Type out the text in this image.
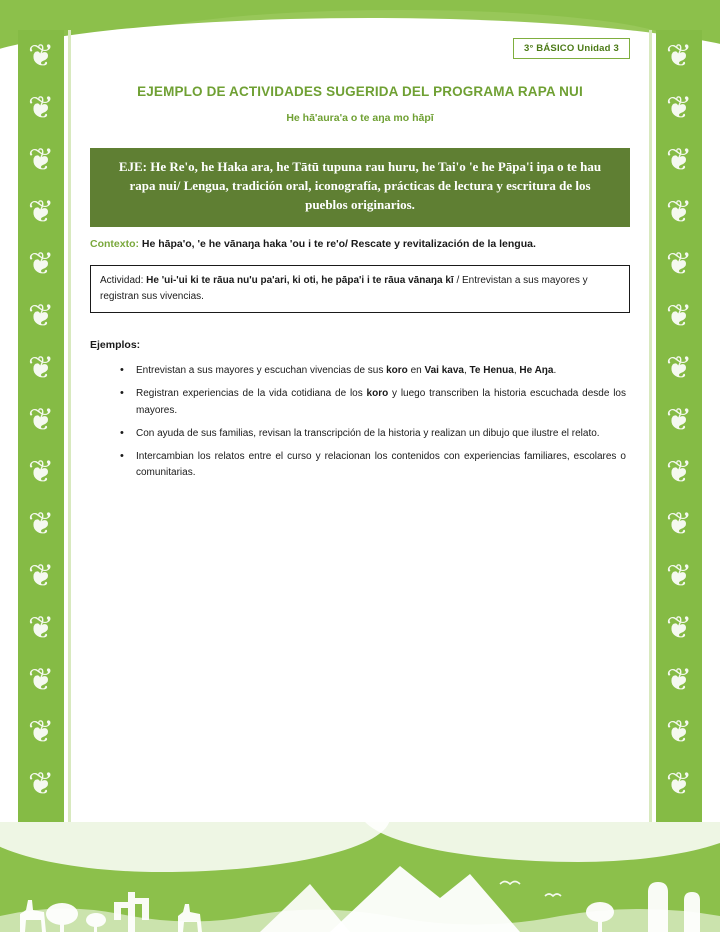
❦
❦
❦
❦
❦
❦
❦
❦
❦
❦
❦
❦
❦
❦
❦
❦
❦
❦
❦
❦
❦
❦
❦
❦
❦
❦
❦
❦
❦
❦
3° BÁSICO Unidad 3
EJEMPLO DE ACTIVIDADES SUGERIDA DEL PROGRAMA RAPA NUI
He hā'aura'a o te aŋa mo hāpī
EJE: He Re'o, he Haka ara, he Tātū tupuna rau huru, he Tai'o 'e he Pāpa'i iŋa o te hau rapa nui/ Lengua, tradición oral, iconografía, prácticas de lectura y escritura de los pueblos originarios.
Contexto: He hāpa'o, 'e he vānaŋa haka 'ou i te re'o/ Rescate y revitalización de la lengua.
Actividad: He 'ui-'ui ki te rāua nu'u pa'ari, ki oti, he pāpa'i i te rāua vānaŋa kī / Entrevistan a sus mayores y registran sus vivencias.
Ejemplos:
• Entrevistan a sus mayores y escuchan vivencias de sus koro en Vai kava, Te Henua, He Aŋa.
• Registran experiencias de la vida cotidiana de los koro y luego transcriben la historia escuchada desde los mayores.
• Con ayuda de sus familias, revisan la transcripción de la historia y realizan un dibujo que ilustre el relato.
• Intercambian los relatos entre el curso y relacionan los contenidos con experiencias familiares, escolares o comunitarias.
